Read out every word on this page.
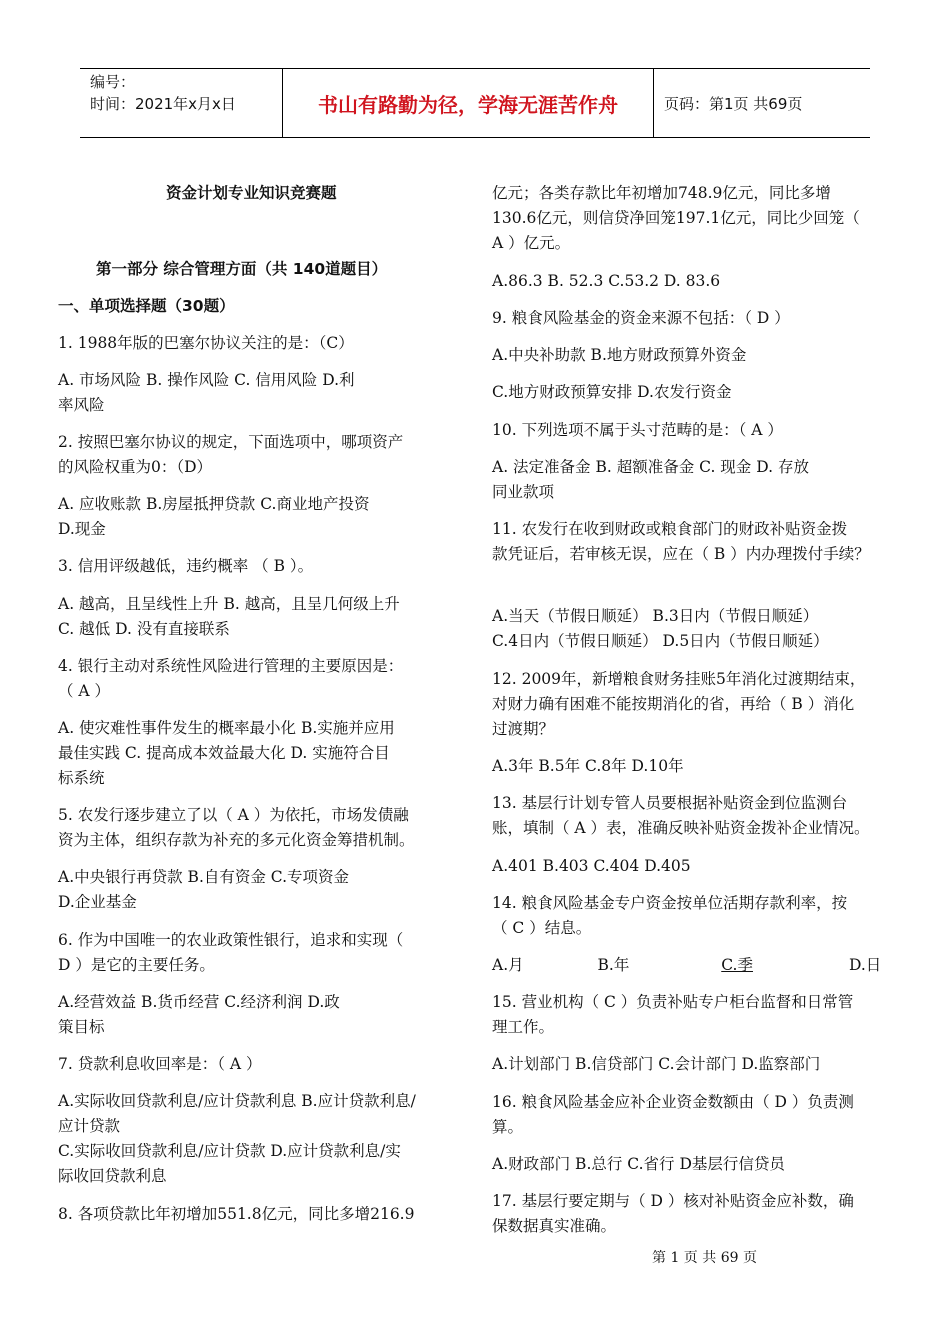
编号：
时间：2021年x月x日	书山有路勤为径，学海无涯苦作舟	页码：第1页 共69页
资金计划专业知识竞赛题
第一部分 综合管理方面（共 140道题目）
一、单项选择题（30题）
1. 1988年版的巴塞尔协议关注的是：（C）
A. 市场风险 B. 操作风险 C. 信用风险 D.利
率风险
2. 按照巴塞尔协议的规定，下面选项中，哪项资产
的风险权重为0：（D）
A. 应收账款 B.房屋抵押贷款 C.商业地产投资
D.现金
3. 信用评级越低，违约概率 （ B ）。
A. 越高，且呈线性上升 B. 越高，且呈几何级上升
C. 越低 D. 没有直接联系
4. 银行主动对系统性风险进行管理的主要原因是：
（ A ）
A. 使灾难性事件发生的概率最小化 B.实施并应用
最佳实践 C. 提高成本效益最大化 D. 实施符合目
标系统
5. 农发行逐步建立了以（ A ）为依托，市场发债融
资为主体，组织存款为补充的多元化资金筹措机制。
A.中央银行再贷款 B.自有资金 C.专项资金
D.企业基金
6. 作为中国唯一的农业政策性银行，追求和实现（
D ）是它的主要任务。
A.经营效益 B.货币经营 C.经济利润 D.政
策目标
7. 贷款利息收回率是：（ A ）
A.实际收回贷款利息/应计贷款利息 B.应计贷款利息/
应计贷款
C.实际收回贷款利息/应计贷款 D.应计贷款利息/实
际收回贷款利息
8. 各项贷款比年初增加551.8亿元，同比多增216.9
亿元；各类存款比年初增加748.9亿元，同比多增
130.6亿元，则信贷净回笼197.1亿元，同比少回笼（
A ）亿元。
A.86.3 B. 52.3 C.53.2 D. 83.6
9. 粮食风险基金的资金来源不包括：（ D ）
A.中央补助款 B.地方财政预算外资金
C.地方财政预算安排 D.农发行资金
10. 下列选项不属于头寸范畴的是：（ A ）
A. 法定准备金 B. 超额准备金 C. 现金 D. 存放
同业款项
11. 农发行在收到财政或粮食部门的财政补贴资金拨
款凭证后，若审核无误，应在（ B ）内办理拨付手续？
A.当天（节假日顺延） B.3日内（节假日顺延）
C.4日内（节假日顺延） D.5日内（节假日顺延）
12. 2009年，新增粮食财务挂账5年消化过渡期结束，
对财力确有困难不能按期消化的省，再给（ B ）消化
过渡期？
A.3年 B.5年 C.8年 D.10年
13. 基层行计划专管人员要根据补贴资金到位监测台
账，填制（ A ）表，准确反映补贴资金拨补企业情况。
A.401 B.403 C.404 D.405
14. 粮食风险基金专户资金按单位活期存款利率，按
（ C ）结息。
A.月               B.年               C.季	D.日
15. 营业机构（ C ）负责补贴专户柜台监督和日常管
理工作。
A.计划部门 B.信贷部门 C.会计部门 D.监察部门
16. 粮食风险基金应补企业资金数额由（ D ）负责测
算。
A.财政部门 B.总行 C.省行 D基层行信贷员
17. 基层行要定期与（ D ）核对补贴资金应补数，确
保数据真实准确。
第 1 页 共 69 页
